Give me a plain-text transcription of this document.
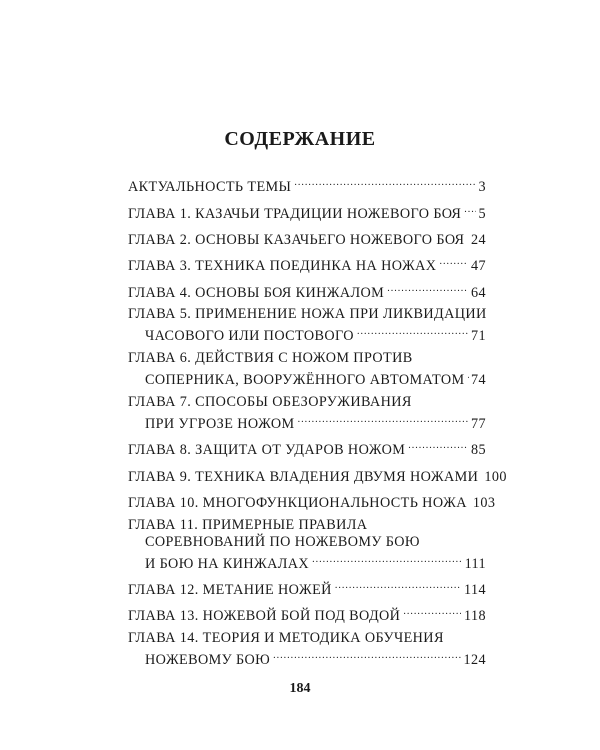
СОДЕРЖАНИЕ
АКТУАЛЬНОСТЬ ТЕМЫ .....	3
ГЛАВА 1. КАЗАЧЬИ ТРАДИЦИИ НОЖЕВОГО БОЯ ..... 5
ГЛАВА 2. ОСНОВЫ КАЗАЧЬЕГО НОЖЕВОГО БОЯ ..... 24
ГЛАВА 3. ТЕХНИКА ПОЕДИНКА НА НОЖАХ ..... 47
ГЛАВА 4. ОСНОВЫ БОЯ КИНЖАЛОМ .....	64
ГЛАВА 5. ПРИМЕНЕНИЕ НОЖА ПРИ ЛИКВИДАЦИИ
ЧАСОВОГО ИЛИ ПОСТОВОГО .....	71
ГЛАВА 6. ДЕЙСТВИЯ С НОЖОМ ПРОТИВ
СОПЕРНИКА, ВООРУЖЁННОГО АВТОМАТОМ ..... 74
ГЛАВА 7. СПОСОБЫ ОБЕЗОРУЖИВАНИЯ
ПРИ УГРОЗЕ НОЖОМ .....	77
ГЛАВА 8. ЗАЩИТА ОТ УДАРОВ НОЖОМ .....	85
ГЛАВА 9. ТЕХНИКА ВЛАДЕНИЯ ДВУМЯ НОЖАМИ 100
ГЛАВА 10. МНОГОФУНКЦИОНАЛЬНОСТЬ НОЖА 103
ГЛАВА 11. ПРИМЕРНЫЕ ПРАВИЛА
СОРЕВНОВАНИЙ ПО НОЖЕВОМУ БОЮ
И БОЮ НА КИНЖАЛАХ .....	111
ГЛАВА 12. МЕТАНИЕ НОЖЕЙ .....	114
ГЛАВА 13. НОЖЕВОЙ БОЙ ПОД ВОДОЙ .....	118
ГЛАВА 14. ТЕОРИЯ И МЕТОДИКА ОБУЧЕНИЯ
НОЖЕВОМУ БОЮ .....	124
184
